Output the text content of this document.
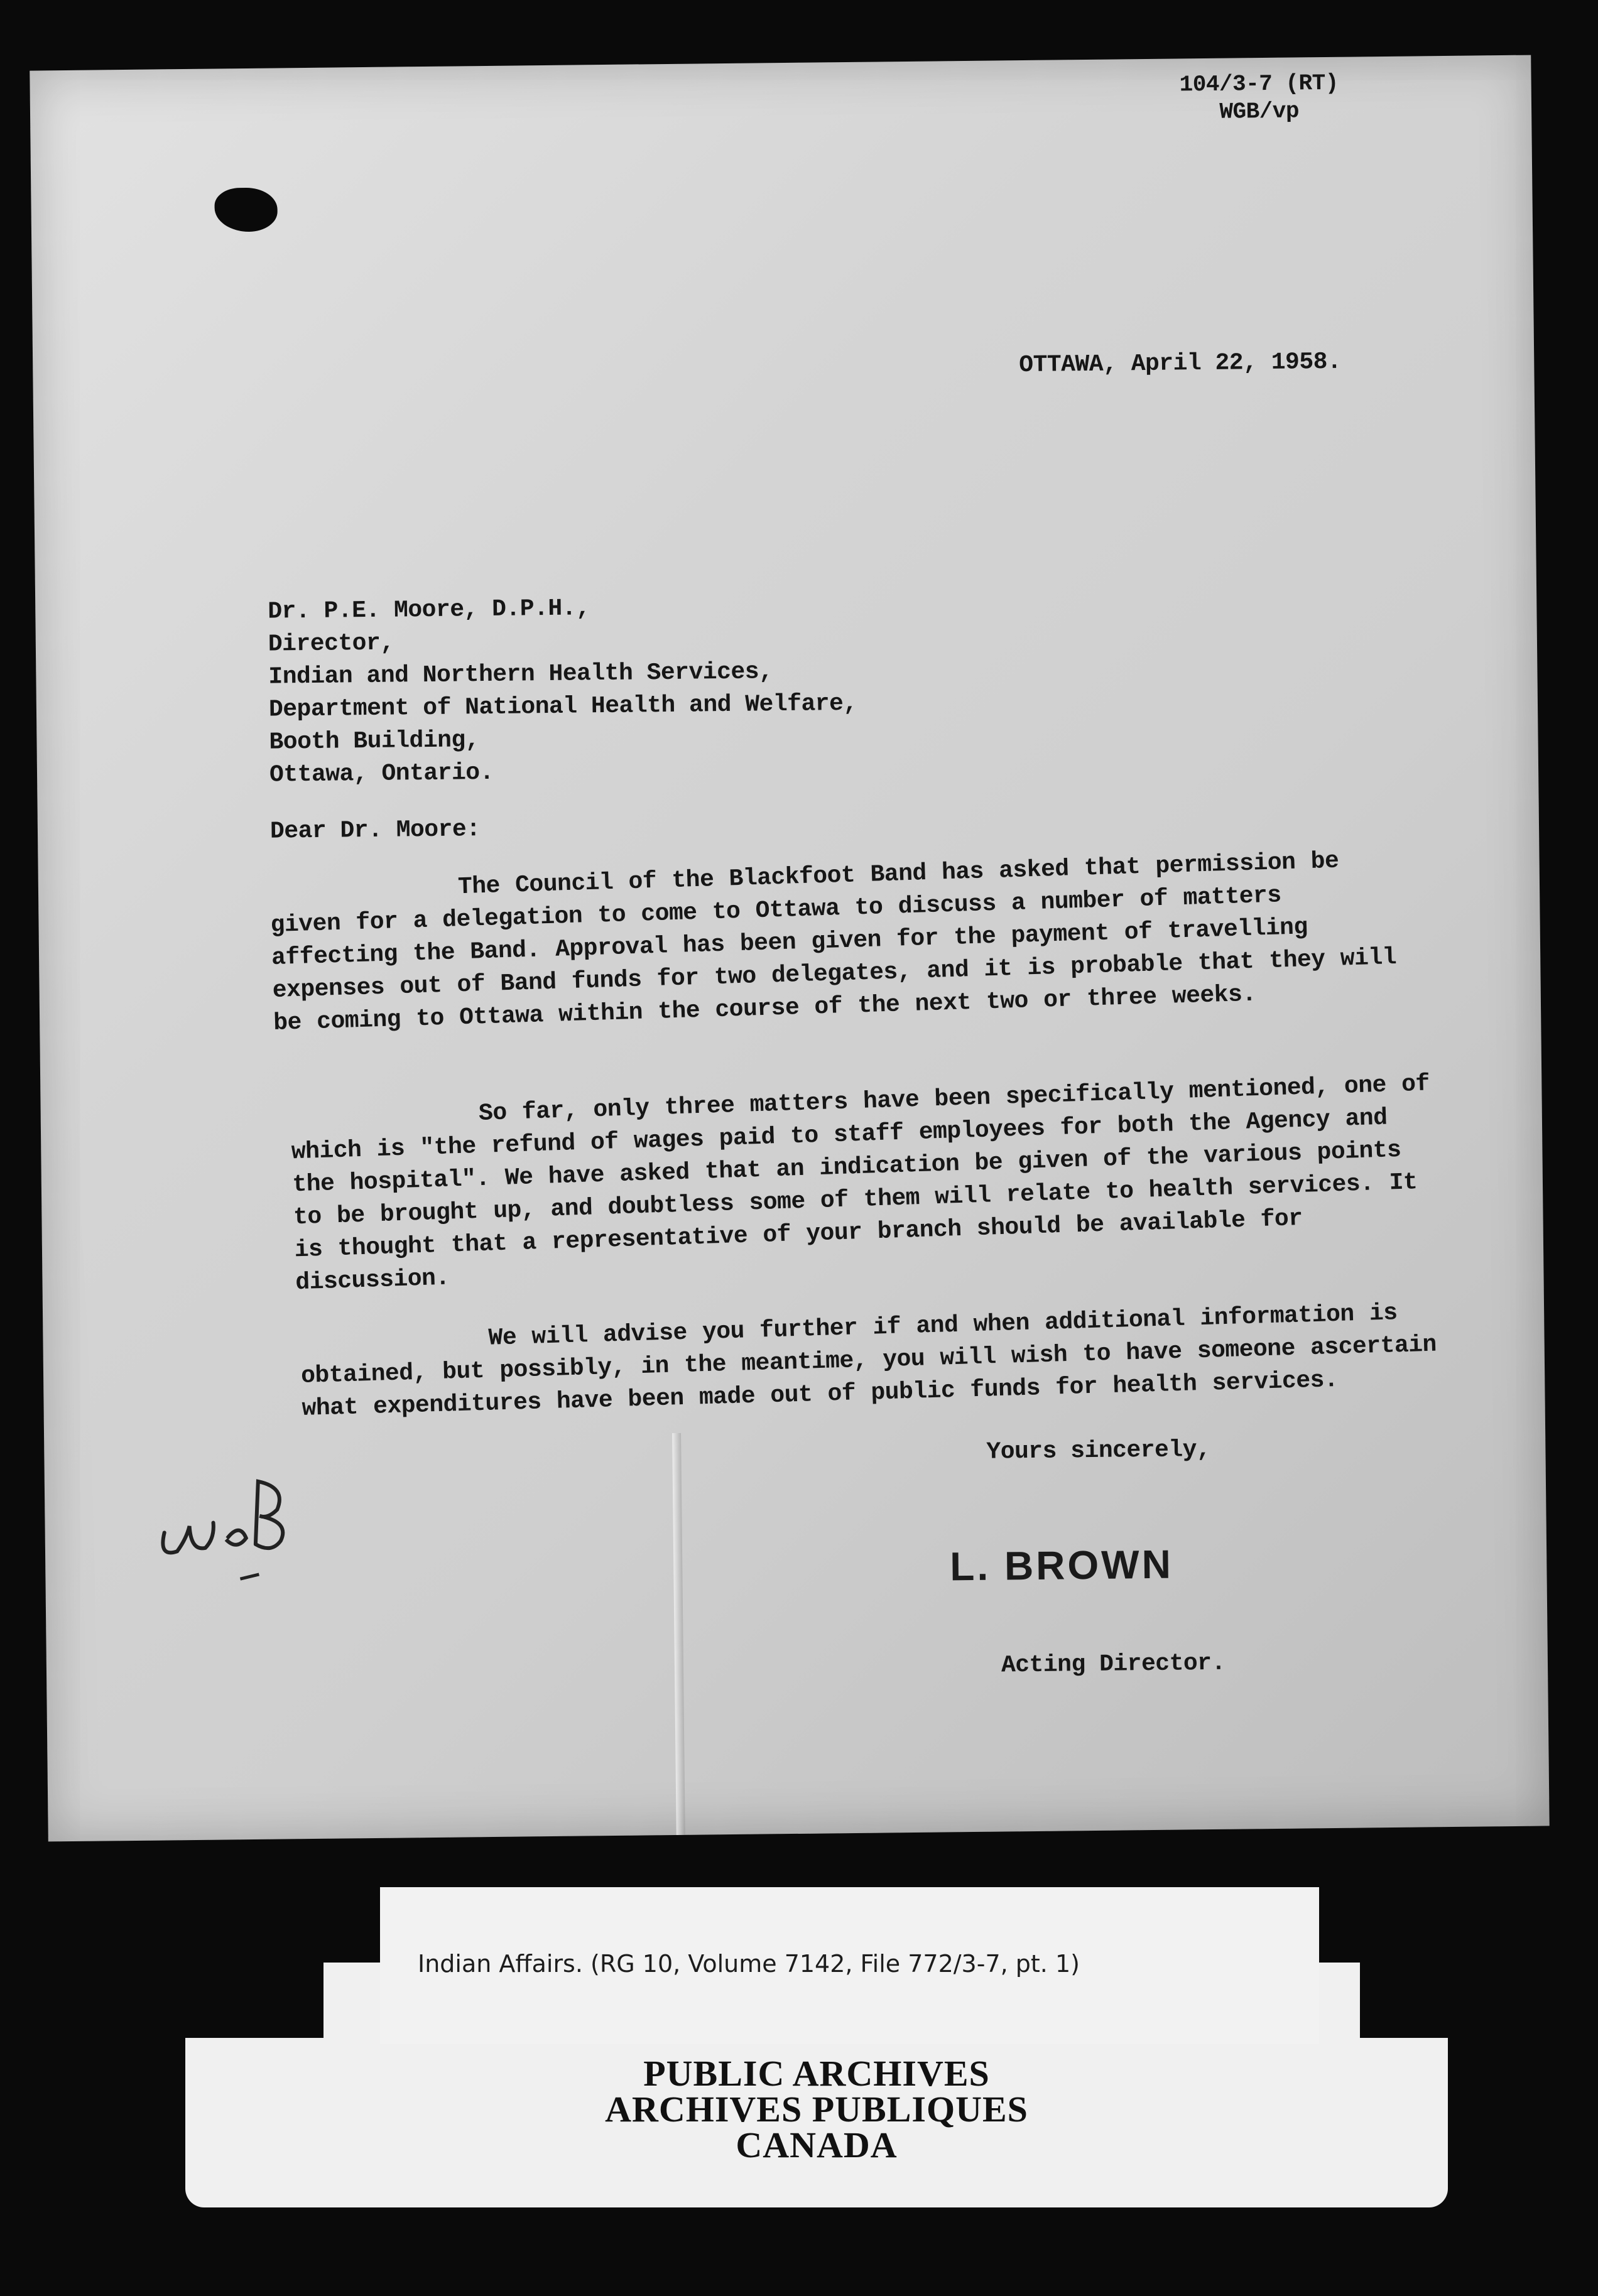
104/3-7 (RT)
WGB/vp
OTTAWA, April 22, 1958.
Dr. P.E. Moore, D.P.H.,
Director,
Indian and Northern Health Services,
Department of National Health and Welfare,
Booth Building,
Ottawa, Ontario.
Dear Dr. Moore:
The Council of the Blackfoot Band has asked that permission be given for a delegation to come to Ottawa to discuss a number of matters affecting the Band. Approval has been given for the payment of travelling expenses out of Band funds for two delegates, and it is probable that they will be coming to Ottawa within the course of the next two or three weeks.
So far, only three matters have been specifically mentioned, one of which is "the refund of wages paid to staff employees for both the Agency and the hospital". We have asked that an indication be given of the various points to be brought up, and doubtless some of them will relate to health services. It is thought that a representative of your branch should be available for discussion.
We will advise you further if and when additional information is obtained, but possibly, in the meantime, you will wish to have someone ascertain what expenditures have been made out of public funds for health services.
Yours sincerely,
L. BROWN
Acting Director.
PUBLIC ARCHIVES
ARCHIVES PUBLIQUES
CANADA
Indian Affairs. (RG 10, Volume 7142, File 772/3-7, pt. 1)
